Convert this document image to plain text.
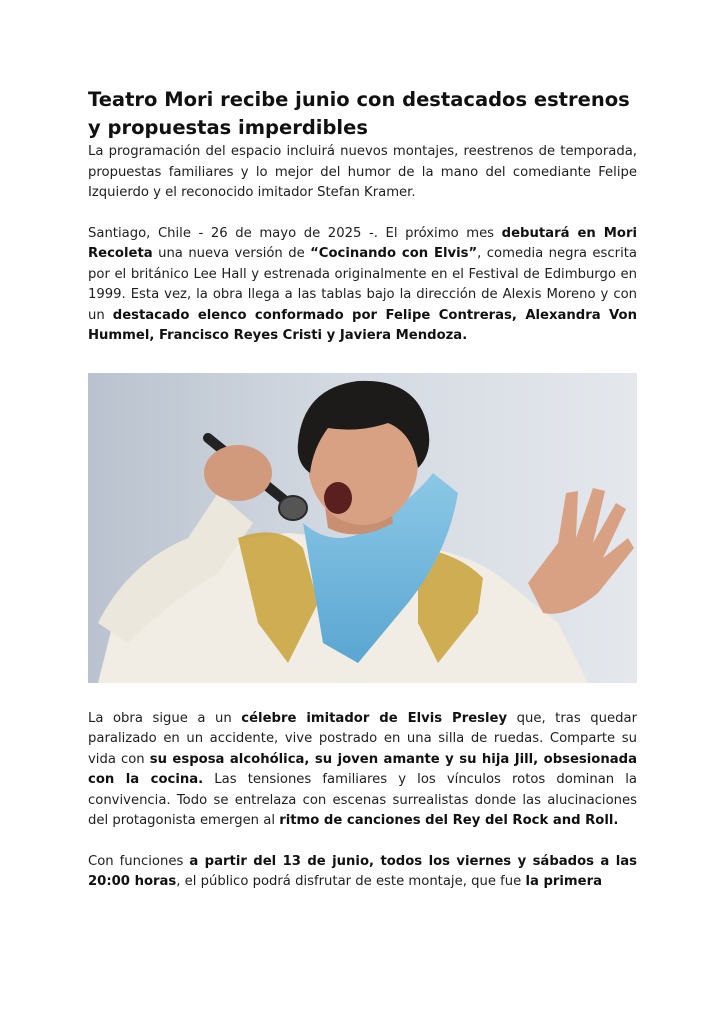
Teatro Mori recibe junio con destacados estrenos y propuestas imperdibles

La programación del espacio incluirá nuevos montajes, reestrenos de temporada, propuestas familiares y lo mejor del humor de la mano del comediante Felipe Izquierdo y el reconocido imitador Stefan Kramer.

Santiago, Chile - 26 de mayo de 2025 -. El próximo mes debutará en Mori Recoleta una nueva versión de “Cocinando con Elvis”, comedia negra escrita por el británico Lee Hall y estrenada originalmente en el Festival de Edimburgo en 1999. Esta vez, la obra llega a las tablas bajo la dirección de Alexis Moreno y con un destacado elenco conformado por Felipe Contreras, Alexandra Von Hummel, Francisco Reyes Cristi y Javiera Mendoza.

La obra sigue a un célebre imitador de Elvis Presley que, tras quedar paralizado en un accidente, vive postrado en una silla de ruedas. Comparte su vida con su esposa alcohólica, su joven amante y su hija Jill, obsesionada con la cocina. Las tensiones familiares y los vínculos rotos dominan la convivencia. Todo se entrelaza con escenas surrealistas donde las alucinaciones del protagonista emergen al ritmo de canciones del Rey del Rock and Roll.

Con funciones a partir del 13 de junio, todos los viernes y sábados a las 20:00 horas, el público podrá disfrutar de este montaje, que fue la primera
